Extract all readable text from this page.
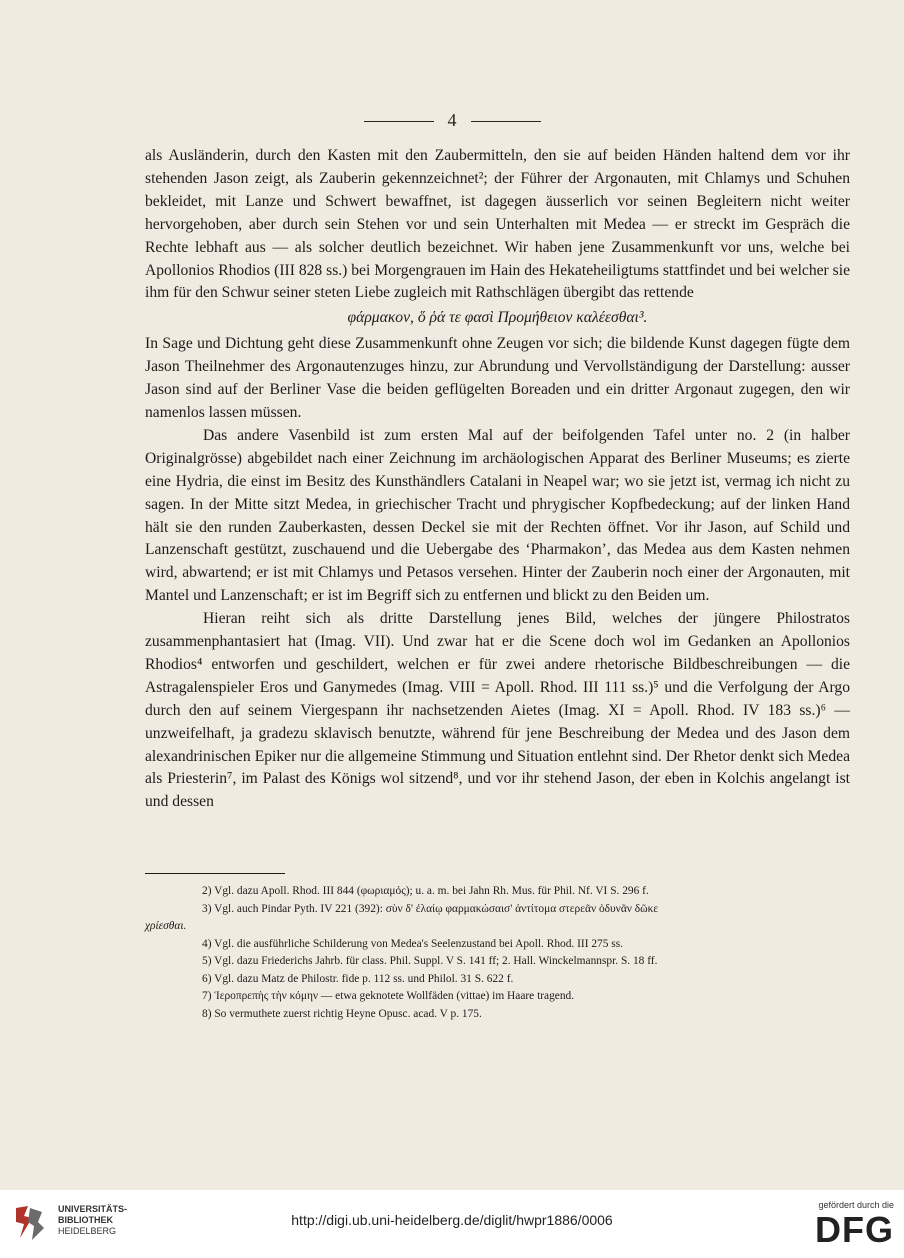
4

als Ausländerin, durch den Kasten mit den Zaubermitteln, den sie auf beiden Händen haltend dem vor ihr stehenden Jason zeigt, als Zauberin gekennzeichnet²; der Führer der Argonauten, mit Chlamys und Schuhen bekleidet, mit Lanze und Schwert bewaffnet, ist dagegen äusserlich vor seinen Begleitern nicht weiter hervorgehoben, aber durch sein Stehen vor und sein Unterhalten mit Medea — er streckt im Gespräch die Rechte lebhaft aus — als solcher deutlich bezeichnet. Wir haben jene Zusammenkunft vor uns, welche bei Apollonios Rhodios (III 828 ss.) bei Morgengrauen im Hain des Hekateheiligtums stattfindet und bei welcher sie ihm für den Schwur seiner steten Liebe zugleich mit Rathschlägen übergibt das rettende

φάρμακον, ὅ ῥά τε φασὶ Προμήθειον καλέεσθαι³.

In Sage und Dichtung geht diese Zusammenkunft ohne Zeugen vor sich; die bildende Kunst dagegen fügte dem Jason Theilnehmer des Argonautenzuges hinzu, zur Abrundung und Vervollständigung der Darstellung: ausser Jason sind auf der Berliner Vase die beiden geflügelten Boreaden und ein dritter Argonaut zugegen, den wir namenlos lassen müssen.

Das andere Vasenbild ist zum ersten Mal auf der beifolgenden Tafel unter no. 2 (in halber Originalgrösse) abgebildet nach einer Zeichnung im archäologischen Apparat des Berliner Museums; es zierte eine Hydria, die einst im Besitz des Kunsthändlers Catalani in Neapel war; wo sie jetzt ist, vermag ich nicht zu sagen. In der Mitte sitzt Medea, in griechischer Tracht und phrygischer Kopfbedeckung; auf der linken Hand hält sie den runden Zauberkasten, dessen Deckel sie mit der Rechten öffnet. Vor ihr Jason, auf Schild und Lanzenschaft gestützt, zuschauend und die Uebergabe des ‘Pharmakon’, das Medea aus dem Kasten nehmen wird, abwartend; er ist mit Chlamys und Petasos versehen. Hinter der Zauberin noch einer der Argonauten, mit Mantel und Lanzenschaft; er ist im Begriff sich zu entfernen und blickt zu den Beiden um.

Hieran reiht sich als dritte Darstellung jenes Bild, welches der jüngere Philostratos zusammenphantasiert hat (Imag. VII). Und zwar hat er die Scene doch wol im Gedanken an Apollonios Rhodios⁴ entworfen und geschildert, welchen er für zwei andere rhetorische Bildbeschreibungen — die Astragalenspieler Eros und Ganymedes (Imag. VIII = Apoll. Rhod. III 111 ss.)⁵ und die Verfolgung der Argo durch den auf seinem Viergespann ihr nachsetzenden Aietes (Imag. XI = Apoll. Rhod. IV 183 ss.)⁶ — unzweifelhaft, ja gradezu sklavisch benutzte, während für jene Beschreibung der Medea und des Jason dem alexandrinischen Epiker nur die allgemeine Stimmung und Situation entlehnt sind. Der Rhetor denkt sich Medea als Priesterin⁷, im Palast des Königs wol sitzend⁸, und vor ihr stehend Jason, der eben in Kolchis angelangt ist und dessen

2) Vgl. dazu Apoll. Rhod. III 844 (φωριαμός); u. a. m. bei Jahn Rh. Mus. für Phil. Nf. VI S. 296 f.

3) Vgl. auch Pindar Pyth. IV 221 (392): σὺν δ' ἐλαίῳ φαρμακώσαισ' ἀντίτομα στερεᾶν ὀδυνᾶν δῶκε

χρίεσθαι.

4) Vgl. die ausführliche Schilderung von Medea's Seelenzustand bei Apoll. Rhod. III 275 ss.

5) Vgl. dazu Friederichs Jahrb. für class. Phil. Suppl. V S. 141 ff; 2. Hall. Winckelmannspr. S. 18 ff.

6) Vgl. dazu Matz de Philostr. fide p. 112 ss. und Philol. 31 S. 622 f.

7) Ἱεροπρεπὴς τὴν κόμην — etwa geknotete Wollfäden (vittae) im Haare tragend.

8) So vermuthete zuerst richtig Heyne Opusc. acad. V p. 175.

UNIVERSITÄTS-
BIBLIOTHEK
HEIDELBERG
http://digi.ub.uni-heidelberg.de/diglit/hwpr1886/0006
gefördert durch die
DFG
